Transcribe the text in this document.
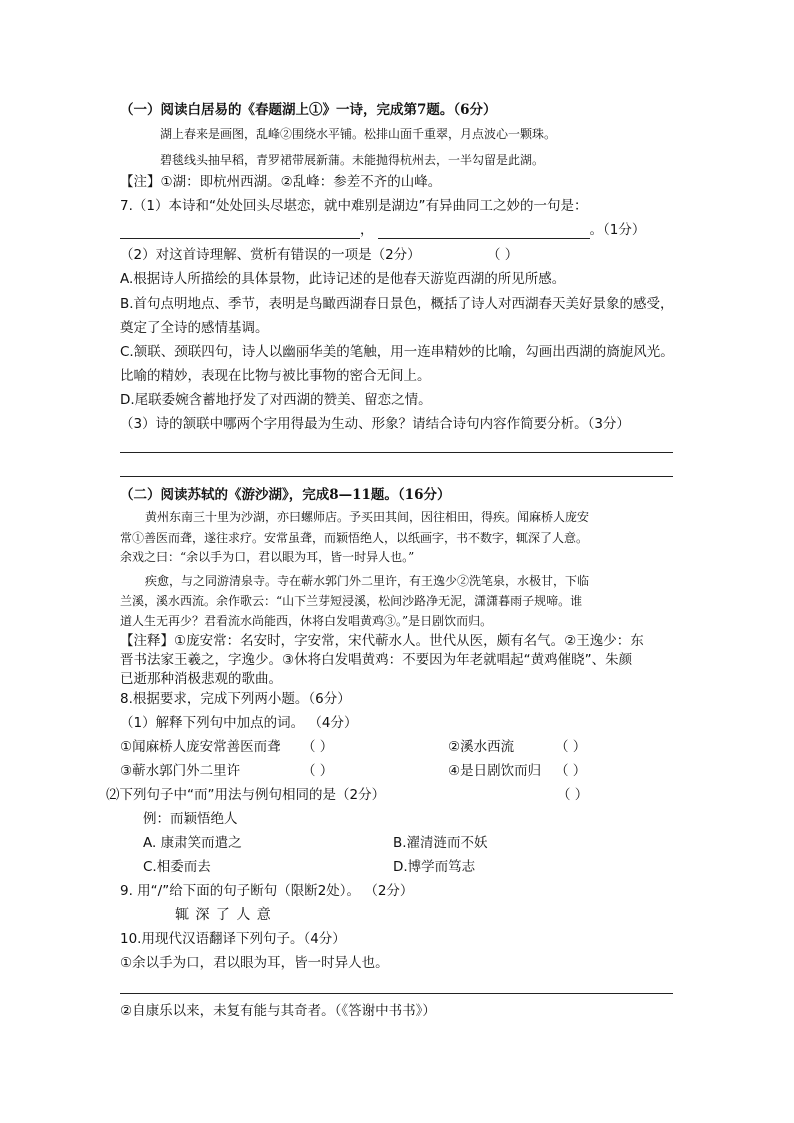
（一）阅读白居易的《春题湖上①》一诗，完成第7题。（6分）
湖上春来是画图，乱峰②围绕水平铺。松排山面千重翠，月点波心一颗珠。
碧毯线头抽早稻，青罗裙带展新蒲。未能抛得杭州去，一半勾留是此湖。
【注】①湖：即杭州西湖。②乱峰：参差不齐的山峰。
7.（1）本诗和“处处回头尽堪恋，就中难别是湖边”有异曲同工之妙的一句是：
，	。（1分）
（2）对这首诗理解、赏析有错误的一项是（2分）	（ ）
A.根据诗人所描绘的具体景物，此诗记述的是他春天游览西湖的所见所感。
B.首句点明地点、季节，表明是鸟瞰西湖春日景色，概括了诗人对西湖春天美好景象的感受，
奠定了全诗的感情基调。
C.颔联、颈联四句，诗人以幽丽华美的笔触，用一连串精妙的比喻，勾画出西湖的旖旎风光。
比喻的精妙，表现在比物与被比事物的密合无间上。
D.尾联委婉含蓄地抒发了对西湖的赞美、留恋之情。
（3）诗的颔联中哪两个字用得最为生动、形象？请结合诗句内容作简要分析。（3分）
（二）阅读苏轼的《游沙湖》，完成8—11题。（16分）
黄州东南三十里为沙湖，亦曰螺师店。予买田其间，因往相田，得疾。闻麻桥人庞安
常①善医而聋，遂往求疗。安常虽聋，而颖悟绝人，以纸画字，书不数字，辄深了人意。
余戏之曰：“余以手为口，君以眼为耳，皆一时异人也。”
疾愈，与之同游清泉寺。寺在蕲水郭门外二里许，有王逸少②洗笔泉，水极甘，下临
兰溪，溪水西流。余作歌云：“山下兰芽短浸溪，松间沙路净无泥，潇潇暮雨子规啼。谁
道人生无再少？君看流水尚能西，休将白发唱黄鸡③。”是日剧饮而归。
【注释】①庞安常：名安时，字安常，宋代蕲水人。世代从医，颇有名气。②王逸少：东
晋书法家王羲之，字逸少。③休将白发唱黄鸡：不要因为年老就唱起“黄鸡催晓”、朱颜
已逝那种消极悲观的歌曲。
8.根据要求，完成下列两小题。（6分）
（1）解释下列句中加点的词。 （4分）
①闻麻桥人庞安常善医而聋 （ ）	②溪水西流	（ ）
③蕲水郭门外二里许	（ ）	④是日剧饮而归 （ ）
⑵下列句子中“而”用法与例句相同的是（2分）	（ ）
例：而颖悟绝人
A. 康肃笑而遣之	B.濯清涟而不妖
C.相委而去	D.博学而笃志
9. 用“/”给下面的句子断句（限断2处）。 （2分）
辄 深 了 人 意
10.用现代汉语翻译下列句子。（4分）
①余以手为口，君以眼为耳，皆一时异人也。
②自康乐以来，未复有能与其奇者。（《答谢中书书》）
